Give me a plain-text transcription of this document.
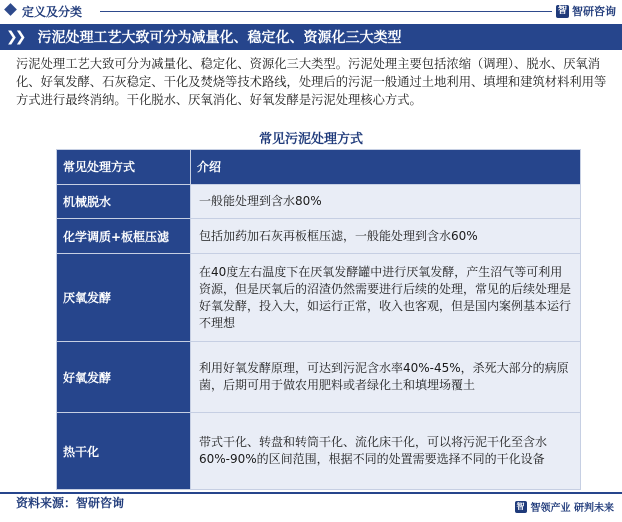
定义及分类	智 智研咨询
❯❯ 污泥处理工艺大致可分为减量化、稳定化、资源化三大类型

污泥处理工艺大致可分为减量化、稳定化、资源化三大类型。污泥处理主要包括浓缩（调理）、脱水、厌氧消化、好氧发酵、石灰稳定、干化及焚烧等技术路线，处理后的污泥一般通过土地利用、填埋和建筑材料利用等方式进行最终消纳。干化脱水、厌氧消化、好氧发酵是污泥处理核心方式。

常见污泥处理方式
常见处理方式	介绍
机械脱水	一般能处理到含水80%
化学调质+板框压滤	包括加药加石灰再板框压滤，一般能处理到含水60%
厌氧发酵	在40度左右温度下在厌氧发酵罐中进行厌氧发酵，产生沼气等可利用资源，但是厌氧后的沼渣仍然需要进行后续的处理，常见的后续处理是好氧发酵，投入大，如运行正常，收入也客观，但是国内案例基本运行不理想
好氧发酵	利用好氧发酵原理，可达到污泥含水率40%-45%，杀死大部分的病原菌，后期可用于做农用肥料或者绿化土和填埋场覆土
热干化	带式干化、转盘和转筒干化、流化床干化，可以将污泥干化至含水60%-90%的区间范围，根据不同的处置需要选择不同的干化设备
资料来源：智研咨询	智 智领产业 研判未来
